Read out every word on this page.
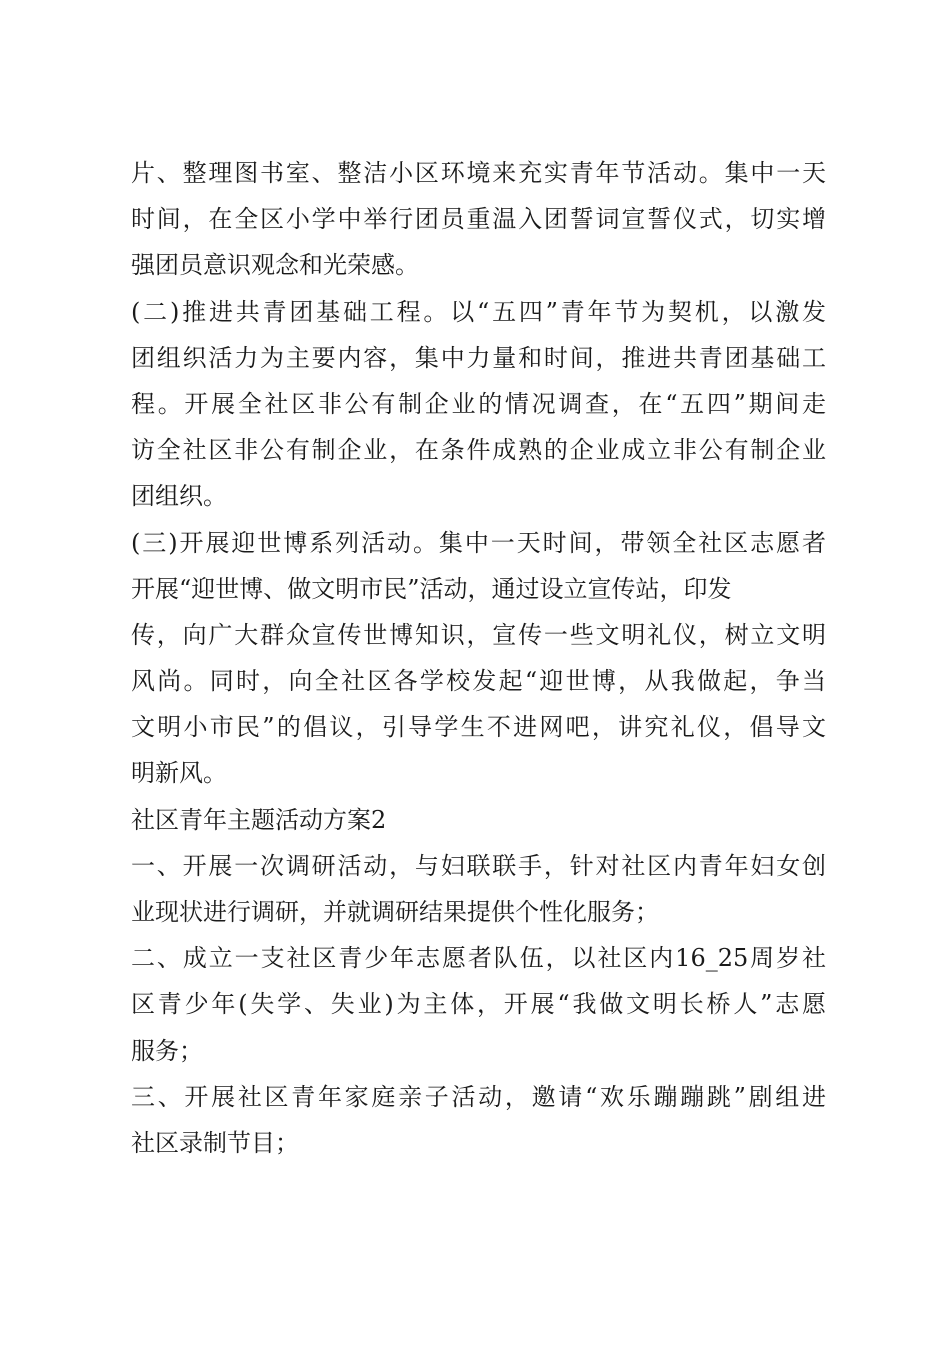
片、整理图书室、整洁小区环境来充实青年节活动。集中一天
时间，在全区小学中举行团员重温入团誓词宣誓仪式，切实增
强团员意识观念和光荣感。
(二)推进共青团基础工程。以“五四”青年节为契机，以激发
团组织活力为主要内容，集中力量和时间，推进共青团基础工
程。开展全社区非公有制企业的情况调查，在“五四”期间走
访全社区非公有制企业，在条件成熟的企业成立非公有制企业
团组织。
(三)开展迎世博系列活动。集中一天时间，带领全社区志愿者
开展“迎世博、做文明市民”活动，通过设立宣传站，印发
传，向广大群众宣传世博知识，宣传一些文明礼仪，树立文明
风尚。同时，向全社区各学校发起“迎世博，从我做起，争当
文明小市民”的倡议，引导学生不进网吧，讲究礼仪，倡导文
明新风。
社区青年主题活动方案2
一、开展一次调研活动，与妇联联手，针对社区内青年妇女创
业现状进行调研，并就调研结果提供个性化服务；
二、成立一支社区青少年志愿者队伍，以社区内16_25周岁社
区青少年(失学、失业)为主体，开展“我做文明长桥人”志愿
服务；
三、开展社区青年家庭亲子活动，邀请“欢乐蹦蹦跳”剧组进
社区录制节目；
